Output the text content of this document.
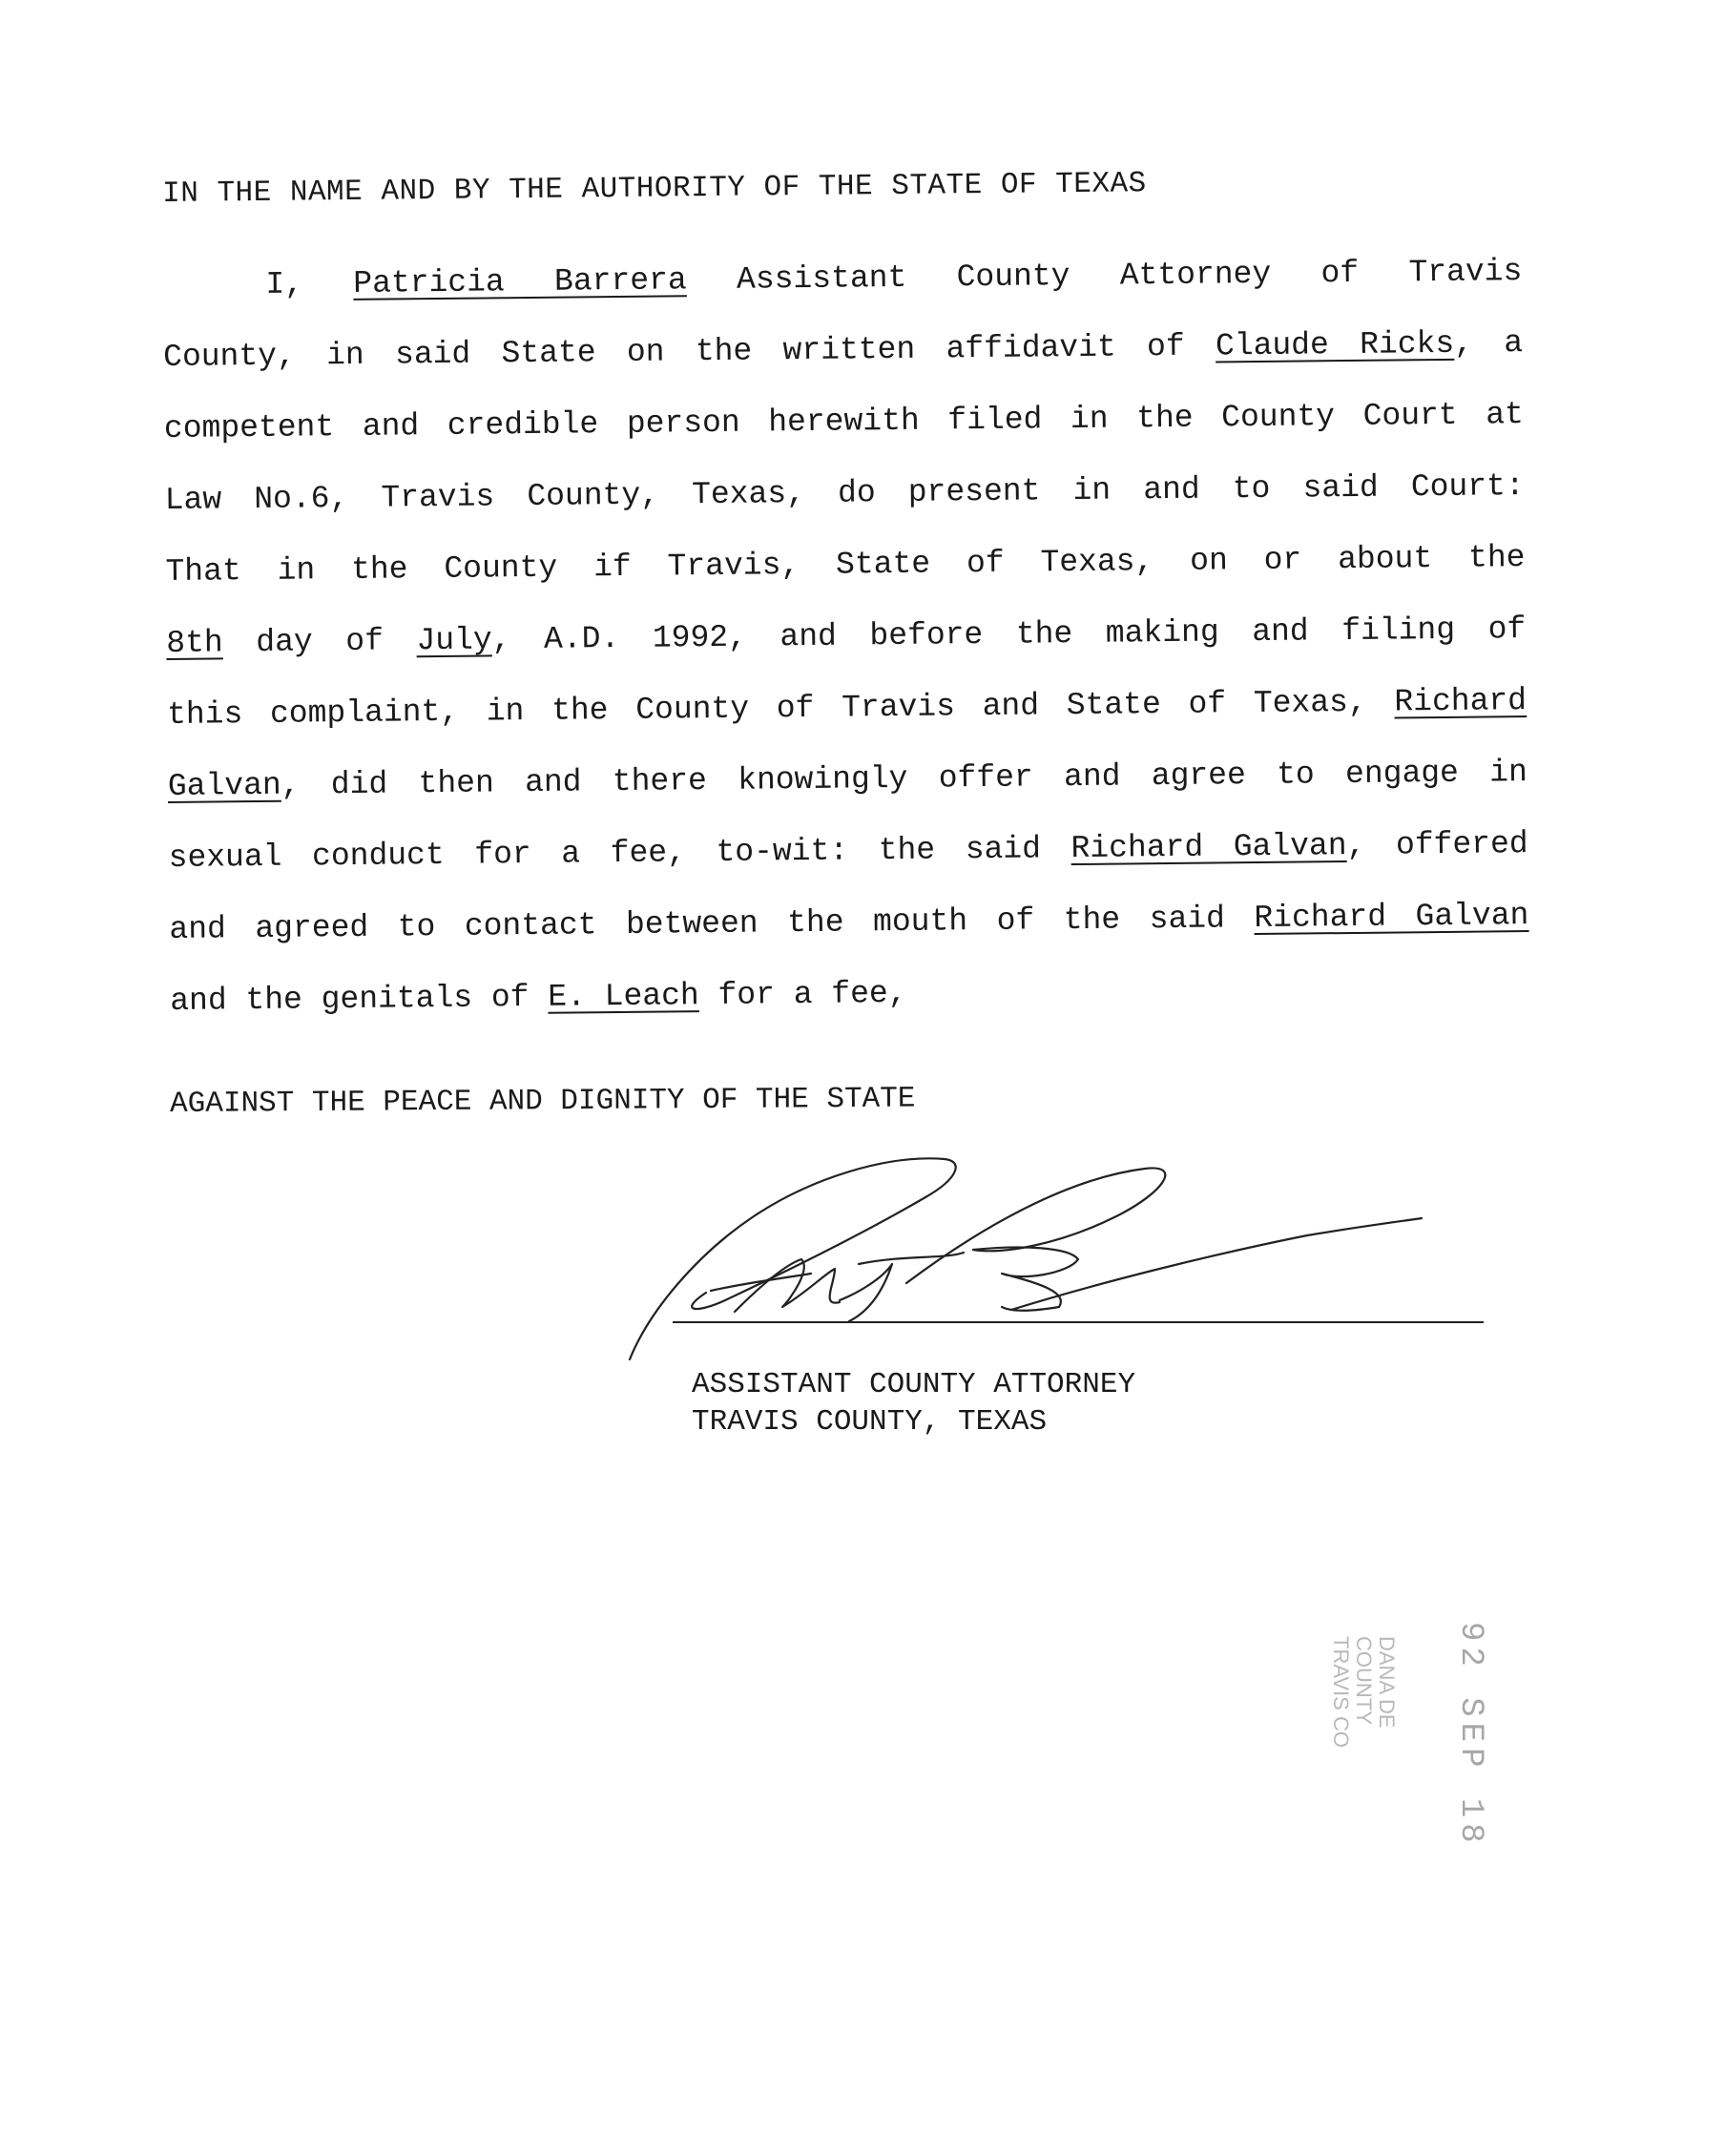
IN THE NAME AND BY THE AUTHORITY OF THE STATE OF TEXAS
I, Patricia Barrera Assistant County Attorney of Travis
County, in said State on the written affidavit of Claude Ricks, a
competent and credible person herewith filed in the County Court at
Law No.6, Travis County, Texas, do present in and to said Court:
That in the County if Travis, State of Texas, on or about the
8th day of July, A.D. 1992, and before the making and filing of
this complaint, in the County of Travis and State of Texas, Richard
Galvan, did then and there knowingly offer and agree to engage in
sexual conduct for a fee, to-wit: the said Richard Galvan, offered
and agreed to contact between the mouth of the said Richard Galvan
and the genitals of E. Leach for a fee,
AGAINST THE PEACE AND DIGNITY OF THE STATE
ASSISTANT COUNTY ATTORNEY
TRAVIS COUNTY, TEXAS
92 SEP 18
DANA DE
COUNTY
TRAVIS CO
